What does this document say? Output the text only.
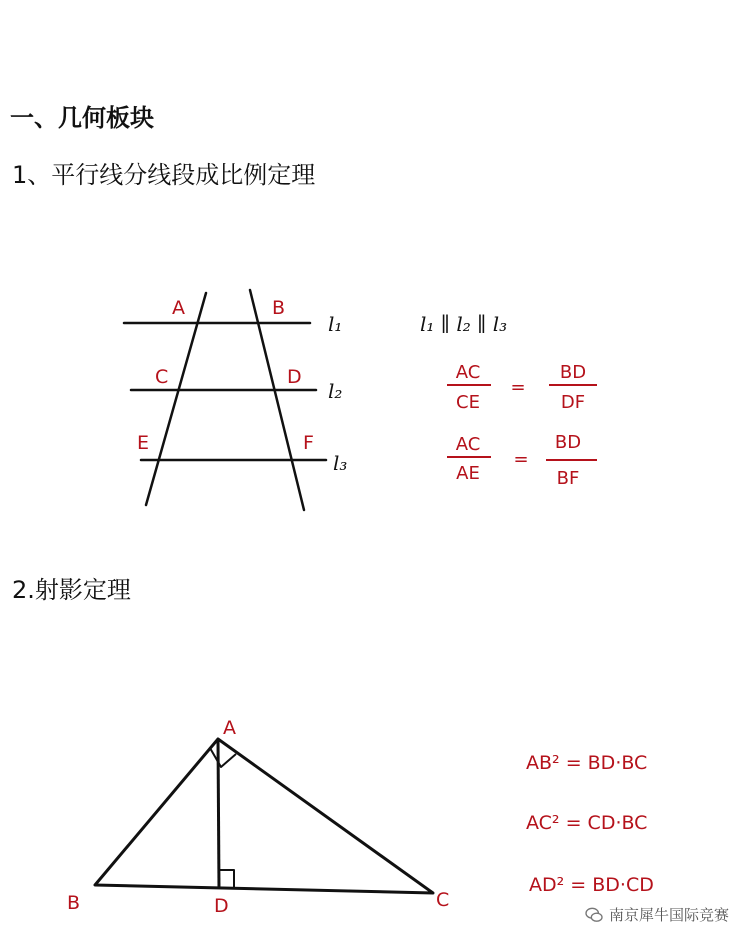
一、几何板块
1、平行线分线段成比例定理
2.射影定理
A	B
C	D
E	F
l₁
l₂
l₃
l₁ ∥ l₂ ∥ l₃
AC
CE
=
BD
DF
AC
AE
=
BD
BF
A
B	D	C
AB² = BD·BC
AC² = CD·BC
AD² = BD·CD
南京犀牛国际竞赛
